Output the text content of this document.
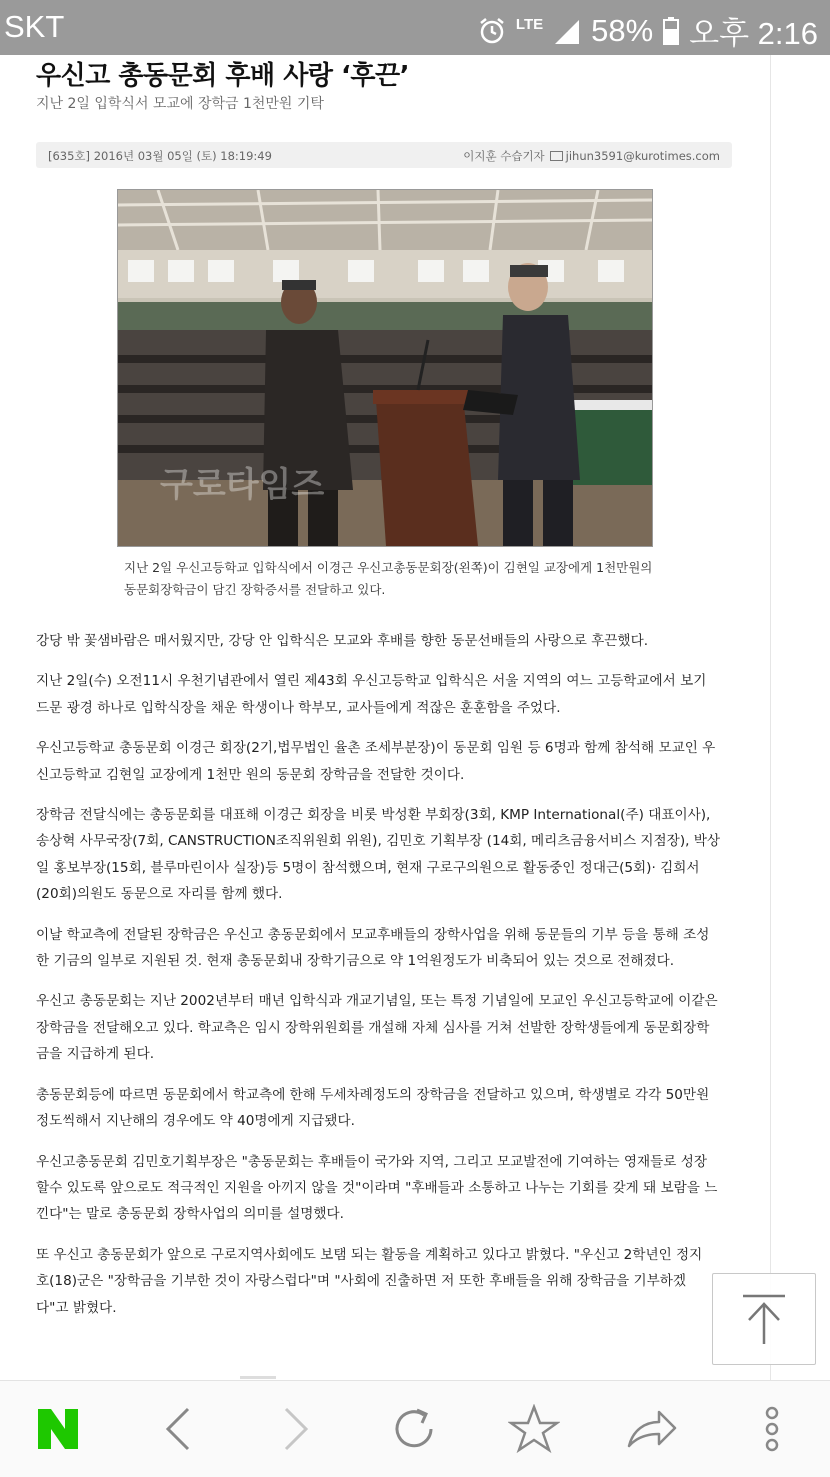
SKT	LTE 58% 오후 2:16
우신고 총동문회 후배 사랑 ‘후끈’
지난 2일 입학식서 모교에 장학금 1천만원 기탁
[635호] 2016년 03월 05일 (토) 18:19:49	이지훈 수습기자 jihun3591@kurotimes.com
구로타임즈
지난 2일 우신고등학교 입학식에서 이경근 우신고총동문회장(왼쪽)이 김현일 교장에게 1천만원의
동문회장학금이 담긴 장학증서를 전달하고 있다.

강당 밖 꽃샘바람은 매서웠지만, 강당 안 입학식은 모교와 후배를 향한 동문선배들의 사랑으로 후끈했다.

지난 2일(수) 오전11시 우천기념관에서 열린 제43회 우신고등학교 입학식은 서울 지역의 여느 고등학교에서 보기
드문 광경 하나로 입학식장을 채운 학생이나 학부모, 교사들에게 적잖은 훈훈함을 주었다.

우신고등학교 총동문회 이경근 회장(2기,법무법인 율촌 조세부분장)이 동문회 임원 등 6명과 함께 참석해 모교인 우
신고등학교 김현일 교장에게 1천만 원의 동문회 장학금을 전달한 것이다.

장학금 전달식에는 총동문회를 대표해 이경근 회장을 비롯 박성환 부회장(3회, KMP International(주) 대표이사),
송상혁 사무국장(7회, CANSTRUCTION조직위원회 위원), 김민호 기획부장 (14회, 메리츠금융서비스 지점장), 박상
일 홍보부장(15회, 블루마린이사 실장)등 5명이 참석했으며, 현재 구로구의원으로 활동중인 정대근(5회)· 김희서
(20회)의원도 동문으로 자리를 함께 했다.

이날 학교측에 전달된 장학금은 우신고 총동문회에서 모교후배들의 장학사업을 위해 동문들의 기부 등을 통해 조성
한 기금의 일부로 지원된 것. 현재 총동문회내 장학기금으로 약 1억원정도가 비축되어 있는 것으로 전해졌다.

우신고 총동문회는 지난 2002년부터 매년 입학식과 개교기념일, 또는 특정 기념일에 모교인 우신고등학교에 이같은
장학금을 전달해오고 있다. 학교측은 임시 장학위원회를 개설해 자체 심사를 거쳐 선발한 장학생들에게 동문회장학
금을 지급하게 된다.

총동문회등에 따르면 동문회에서 학교측에 한해 두세차례정도의 장학금을 전달하고 있으며, 학생별로 각각 50만원
정도씩해서 지난해의 경우에도 약 40명에게 지급됐다.

우신고총동문회 김민호기획부장은 "총동문회는 후배들이 국가와 지역, 그리고 모교발전에 기여하는 영재들로 성장
할수 있도록 앞으로도 적극적인 지원을 아끼지 않을 것"이라며 "후배들과 소통하고 나누는 기회를 갖게 돼 보람을 느
낀다"는 말로 총동문회 장학사업의 의미를 설명했다.

또 우신고 총동문회가 앞으로 구로지역사회에도 보탬 되는 활동을 계획하고 있다고 밝혔다. "우신고 2학년인 정지
호(18)군은 "장학금을 기부한 것이 자랑스럽다"며 "사회에 진출하면 저 또한 후배들을 위해 장학금을 기부하겠
다"고 밝혔다.
